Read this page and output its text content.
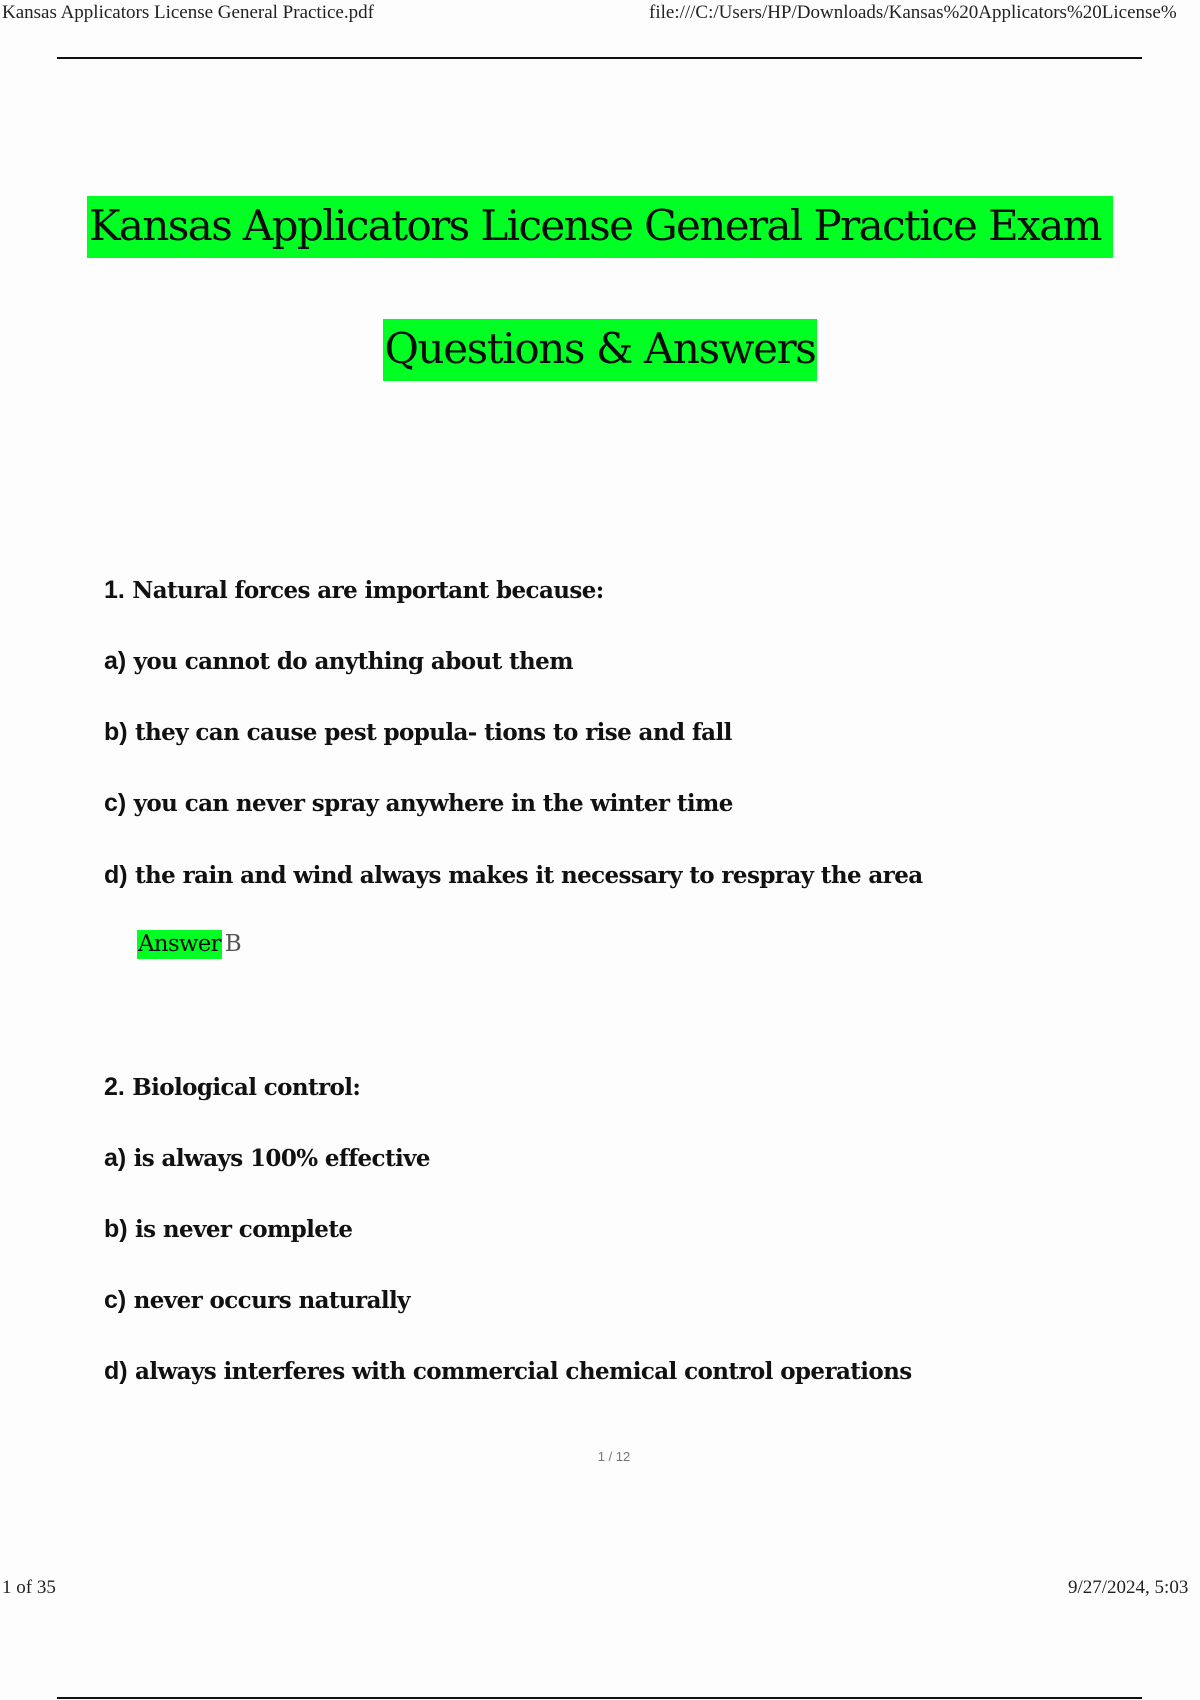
Kansas Applicators License General Practice.pdf	file:///C:/Users/HP/Downloads/Kansas%20Applicators%20License%
Kansas Applicators License General Practice Exam
Questions & Answers
1. Natural forces are important because:
a) you cannot do anything about them
b) they can cause pest popula- tions to rise and fall
c) you can never spray anywhere in the winter time
d) the rain and wind always makes it necessary to respray the area
Answer B
2. Biological control:
a) is always 100% effective
b) is never complete
c) never occurs naturally
d) always interferes with commercial chemical control operations
1 / 12
1 of 35	9/27/2024, 5:03
